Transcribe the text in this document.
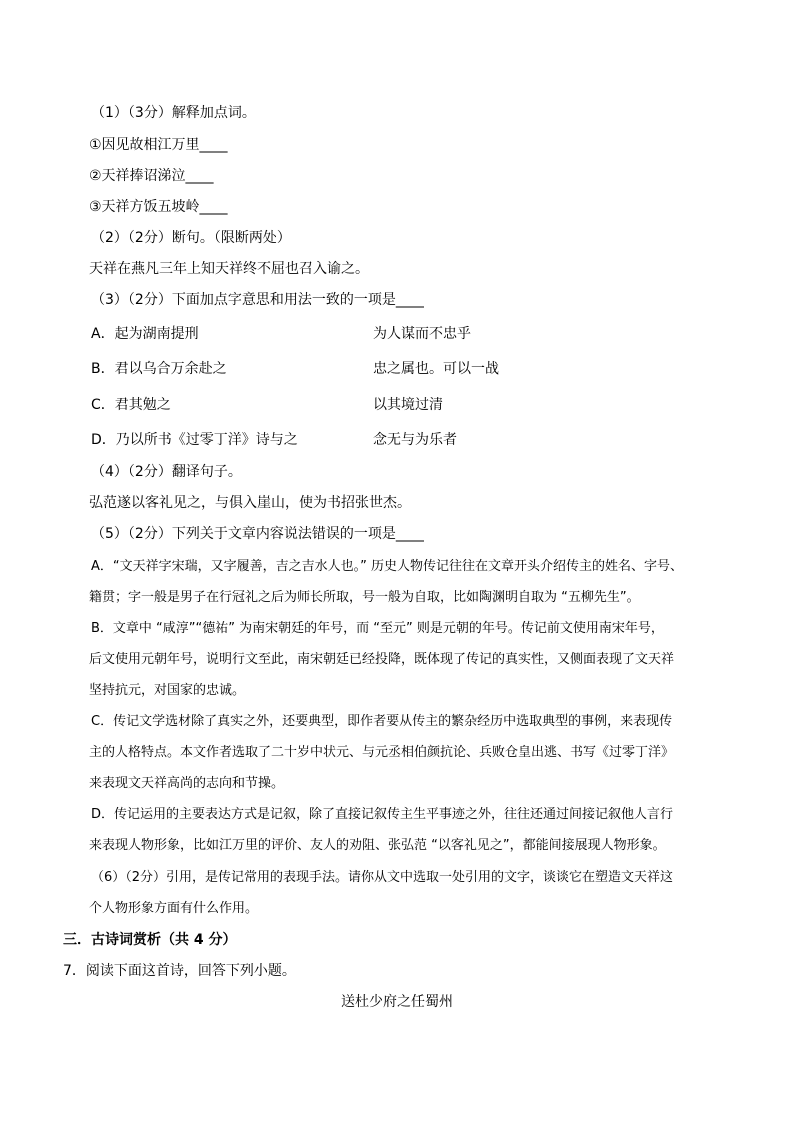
（1）（3分）解释加点词。
①因见故相江万里____
②天祥捧诏涕泣____
③天祥方饭五坡岭____
（2）（2分）断句。（限断两处）
天祥在燕凡三年上知天祥终不屈也召入谕之。
（3）（2分）下面加点字意思和用法一致的一项是____
A．起为湖南提刑	为人谋而不忠乎
B．君以乌合万余赴之	忠之属也。可以一战
C．君其勉之	以其境过清
D．乃以所书《过零丁洋》诗与之	念无与为乐者
（4）（2分）翻译句子。
弘范遂以客礼见之，与俱入崖山，使为书招张世杰。
（5）（2分）下列关于文章内容说法错误的一项是____
A．“文天祥字宋瑞，又字履善，吉之吉水人也。” 历史人物传记往往在文章开头介绍传主的姓名、字号、
籍贯；字一般是男子在行冠礼之后为师长所取，号一般为自取，比如陶渊明自取为 “五柳先生”。
B．文章中 “咸淳”“德祐” 为南宋朝廷的年号，而 “至元” 则是元朝的年号。传记前文使用南宋年号，
后文使用元朝年号，说明行文至此，南宋朝廷已经投降，既体现了传记的真实性，又侧面表现了文天祥
坚持抗元，对国家的忠诚。
C．传记文学选材除了真实之外，还要典型，即作者要从传主的繁杂经历中选取典型的事例，来表现传
主的人格特点。本文作者选取了二十岁中状元、与元丞相伯颜抗论、兵败仓皇出逃、书写《过零丁洋》
来表现文天祥高尚的志向和节操。
D．传记运用的主要表达方式是记叙，除了直接记叙传主生平事迹之外，往往还通过间接记叙他人言行
来表现人物形象，比如江万里的评价、友人的劝阻、张弘范 “以客礼见之”，都能间接展现人物形象。
（6）（2分）引用，是传记常用的表现手法。请你从文中选取一处引用的文字，谈谈它在塑造文天祥这
个人物形象方面有什么作用。
三．古诗词赏析（共 4 分）
7．阅读下面这首诗，回答下列小题。
送杜少府之任蜀州
